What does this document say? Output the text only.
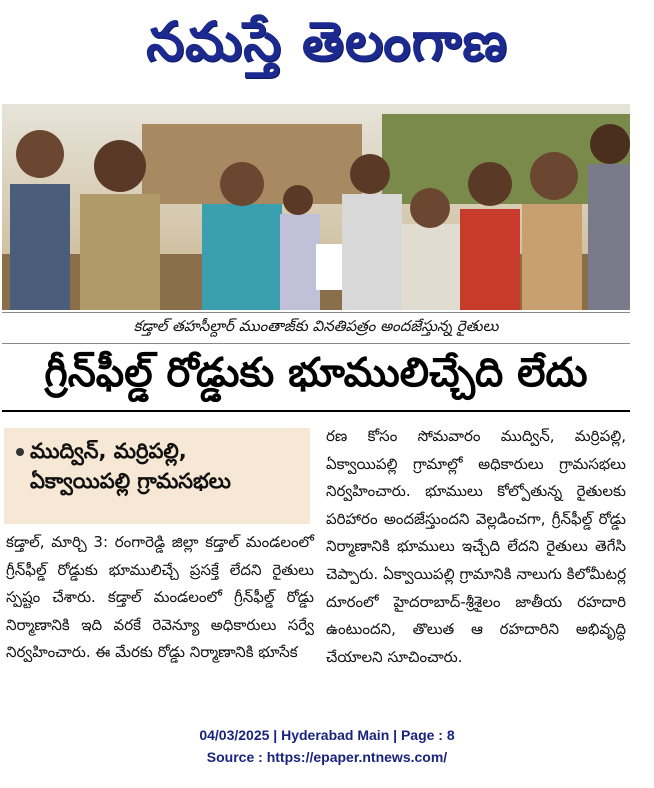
నమస్తే తెలంగాణ
కడ్తాల్ తహసీల్దార్ ముంతాజ్‌కు వినతిపత్రం అందజేస్తున్న రైతులు
గ్రీన్‌ఫీల్డ్ రోడ్డుకు భూములిచ్చేది లేదు
ముద్విన్, మర్రిపల్లి,
ఏక్వాయిపల్లి గ్రామసభలు

కడ్తాల్, మార్చి 3: రంగారెడ్డి జిల్లా కడ్తాల్ మండలంలో గ్రీన్‌ఫీల్డ్ రోడ్డుకు భూములిచ్చే ప్రసక్తే లేదని రైతులు స్పష్టం చేశారు. కడ్తాల్ మండలంలో గ్రీన్‌ఫీల్డ్ రోడ్డు నిర్మాణానికి ఇది వరకే రెవెన్యూ అధికారులు సర్వే నిర్వహించారు. ఈ మేరకు రోడ్డు నిర్మాణానికి భూసేక

రణ కోసం సోమవారం ముద్విన్, మర్రిపల్లి, ఏక్వాయిపల్లి గ్రామాల్లో అధికారులు గ్రామసభలు నిర్వహించారు. భూములు కోల్పోతున్న రైతులకు పరిహారం అందజేస్తుందని వెల్లడించగా, గ్రీన్‌ఫీల్డ్ రోడ్డు నిర్మాణానికి భూములు ఇచ్చేది లేదని రైతులు తెగేసి చెప్పారు. ఏక్వాయిపల్లి గ్రామానికి నాలుగు కిలోమీటర్ల దూరంలో హైదరాబాద్-శ్రీశైలం జాతీయ రహదారి ఉంటుందని, తొలుత ఆ రహదారిని అభివృద్ధి చేయాలని సూచించారు.

04/03/2025 | Hyderabad Main | Page : 8
Source : https://epaper.ntnews.com/
